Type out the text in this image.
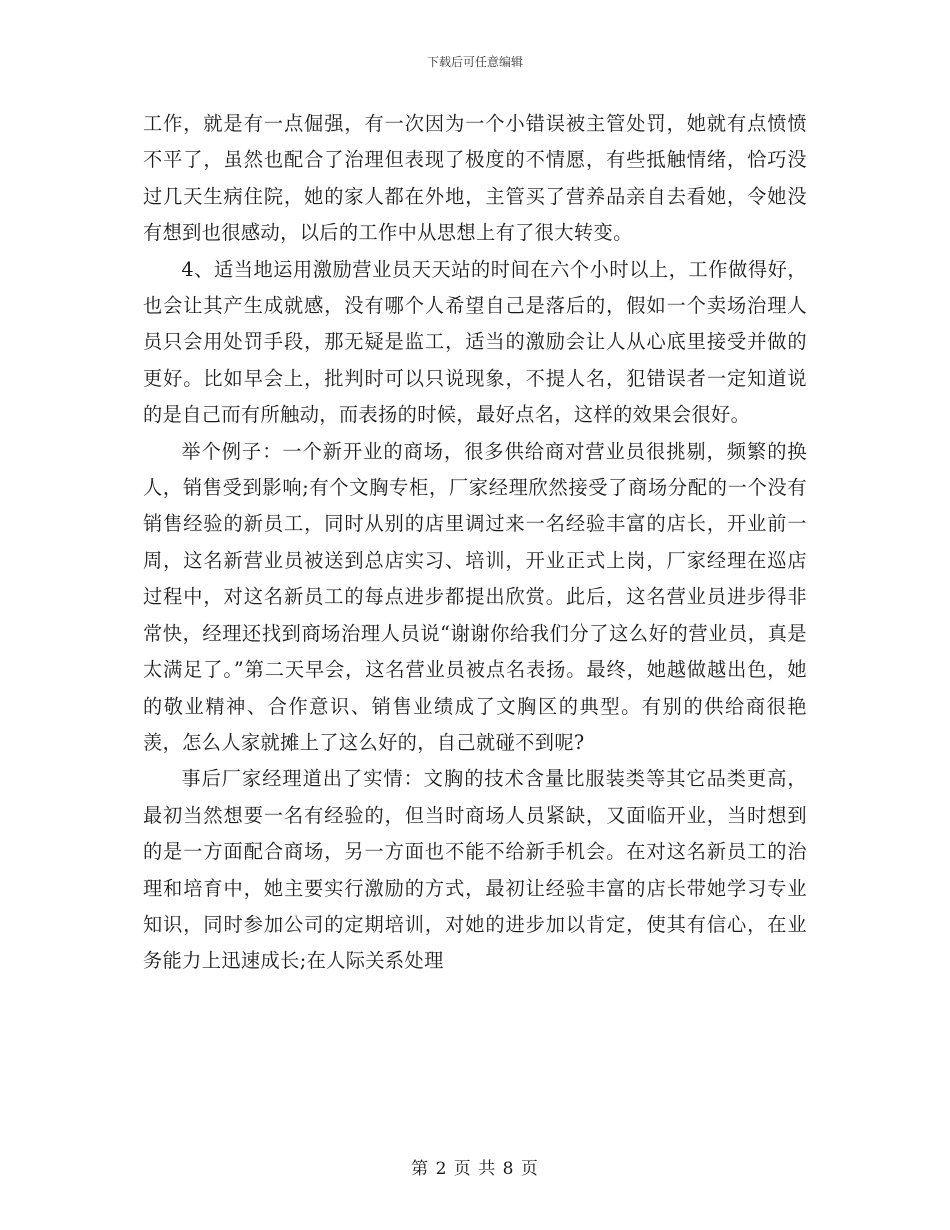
下载后可任意编辑

工作，就是有一点倔强，有一次因为一个小错误被主管处罚，她就有点愤愤不平了，虽然也配合了治理但表现了极度的不情愿，有些抵触情绪，恰巧没过几天生病住院，她的家人都在外地，主管买了营养品亲自去看她，令她没有想到也很感动，以后的工作中从思想上有了很大转变。

4、适当地运用激励营业员天天站的时间在六个小时以上，工作做得好，也会让其产生成就感，没有哪个人希望自己是落后的，假如一个卖场治理人员只会用处罚手段，那无疑是监工，适当的激励会让人从心底里接受并做的更好。比如早会上，批判时可以只说现象，不提人名，犯错误者一定知道说的是自己而有所触动，而表扬的时候，最好点名，这样的效果会很好。

举个例子：一个新开业的商场，很多供给商对营业员很挑剔，频繁的换人，销售受到影响;有个文胸专柜，厂家经理欣然接受了商场分配的一个没有销售经验的新员工，同时从别的店里调过来一名经验丰富的店长，开业前一周，这名新营业员被送到总店实习、培训，开业正式上岗，厂家经理在巡店过程中，对这名新员工的每点进步都提出欣赏。此后，这名营业员进步得非常快，经理还找到商场治理人员说“谢谢你给我们分了这么好的营业员，真是太满足了。”第二天早会，这名营业员被点名表扬。最终，她越做越出色，她的敬业精神、合作意识、销售业绩成了文胸区的典型。有别的供给商很艳羡，怎么人家就摊上了这么好的，自己就碰不到呢?

事后厂家经理道出了实情：文胸的技术含量比服装类等其它品类更高，最初当然想要一名有经验的，但当时商场人员紧缺，又面临开业，当时想到的是一方面配合商场，另一方面也不能不给新手机会。在对这名新员工的治理和培育中，她主要实行激励的方式，最初让经验丰富的店长带她学习专业知识，同时参加公司的定期培训，对她的进步加以肯定，使其有信心，在业务能力上迅速成长;在人际关系处理

第 2 页 共 8 页
